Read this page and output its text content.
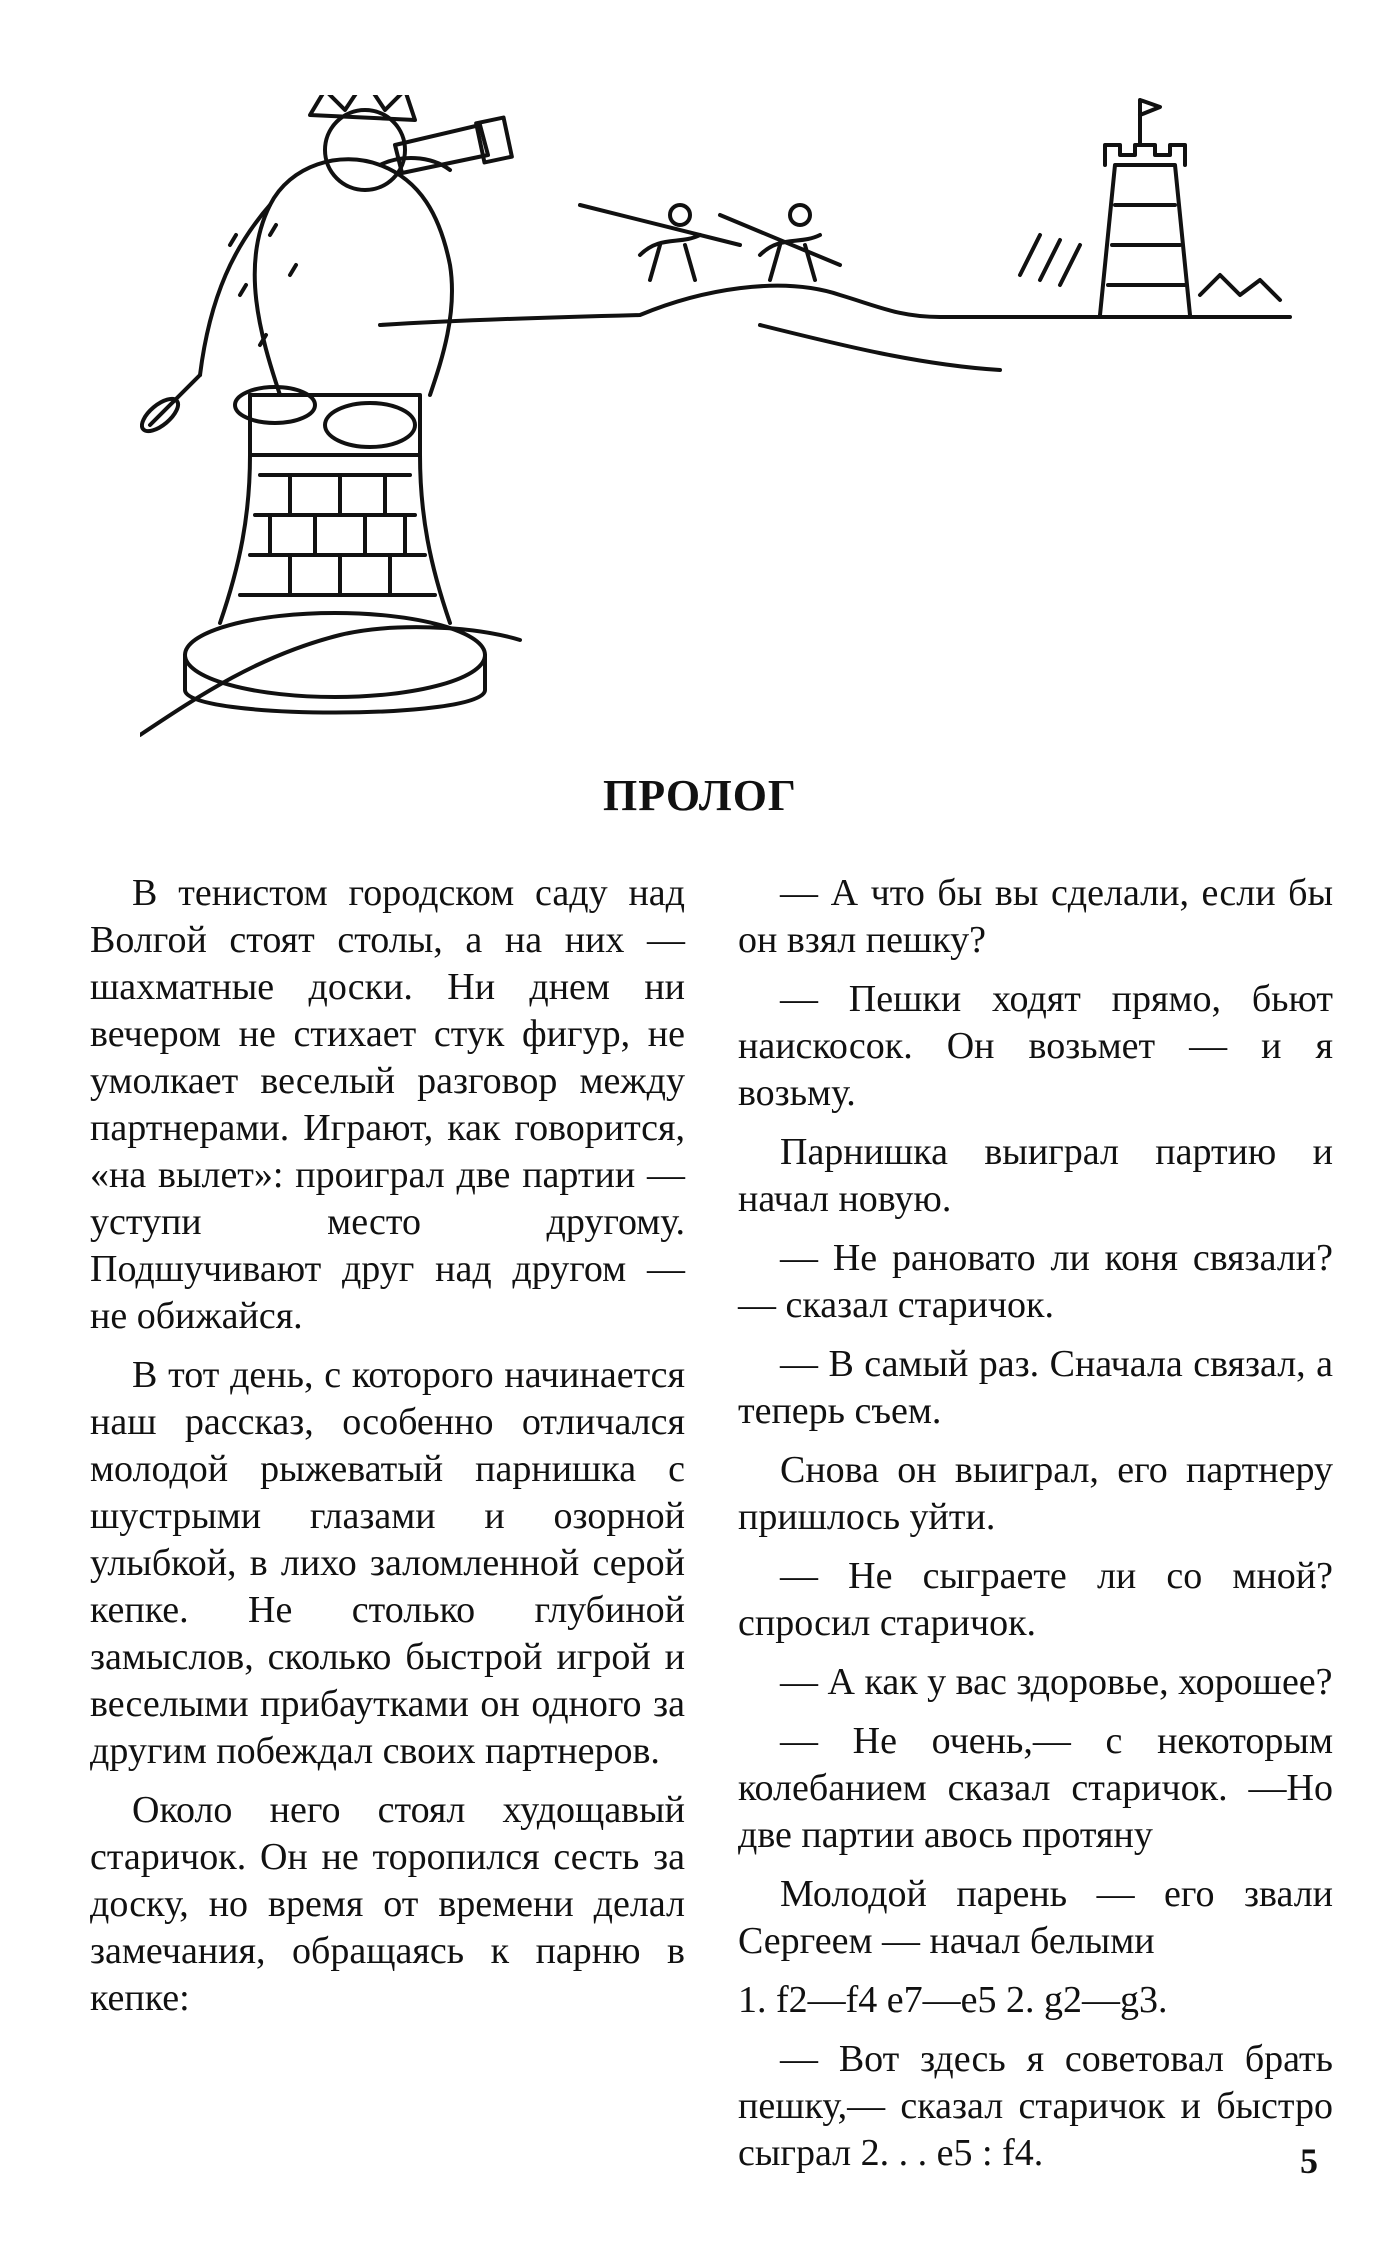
ПРОЛОГ

В тенистом городском саду над Волгой стоят столы, а на них — шахматные доски. Ни днем ни вечером не стихает стук фигур, не умолкает веселый разговор между партнерами. Играют, как говорится, «на вылет»: проиграл две партии — уступи место другому. Подшучивают друг над другом — не обижайся.

В тот день, с которого начинается наш рассказ, особенно отличался молодой рыжеватый парнишка с шустрыми глазами и озорной улыбкой, в лихо заломленной серой кепке. Не столько глубиной замыслов, сколько быстрой игрой и веселыми прибаутками он одного за другим побеждал своих партнеров.

Около него стоял худощавый старичок. Он не торопился сесть за доску, но время от времени делал замечания, обращаясь к парню в кепке:

— А что бы вы сделали, если бы он взял пешку?

— Пешки ходят прямо, бьют наискосок. Он возьмет — и я возьму.

Парнишка выиграл партию и начал новую.

— Не рановато ли коня связали? — сказал старичок.

— В самый раз. Сначала связал, а теперь съем.

Снова он выиграл, его партнеру пришлось уйти.

— Не сыграете ли со мной? спросил старичок.

— А как у вас здоровье, хорошее?

— Не очень,— с некоторым колебанием сказал старичок. —Но две партии авось протяну

Молодой парень — его звали Сергеем — начал белыми

1. f2—f4 e7—e5 2. g2—g3.

— Вот здесь я советовал брать пешку,— сказал старичок и быстро сыграл 2. . . e5 : f4.	5
